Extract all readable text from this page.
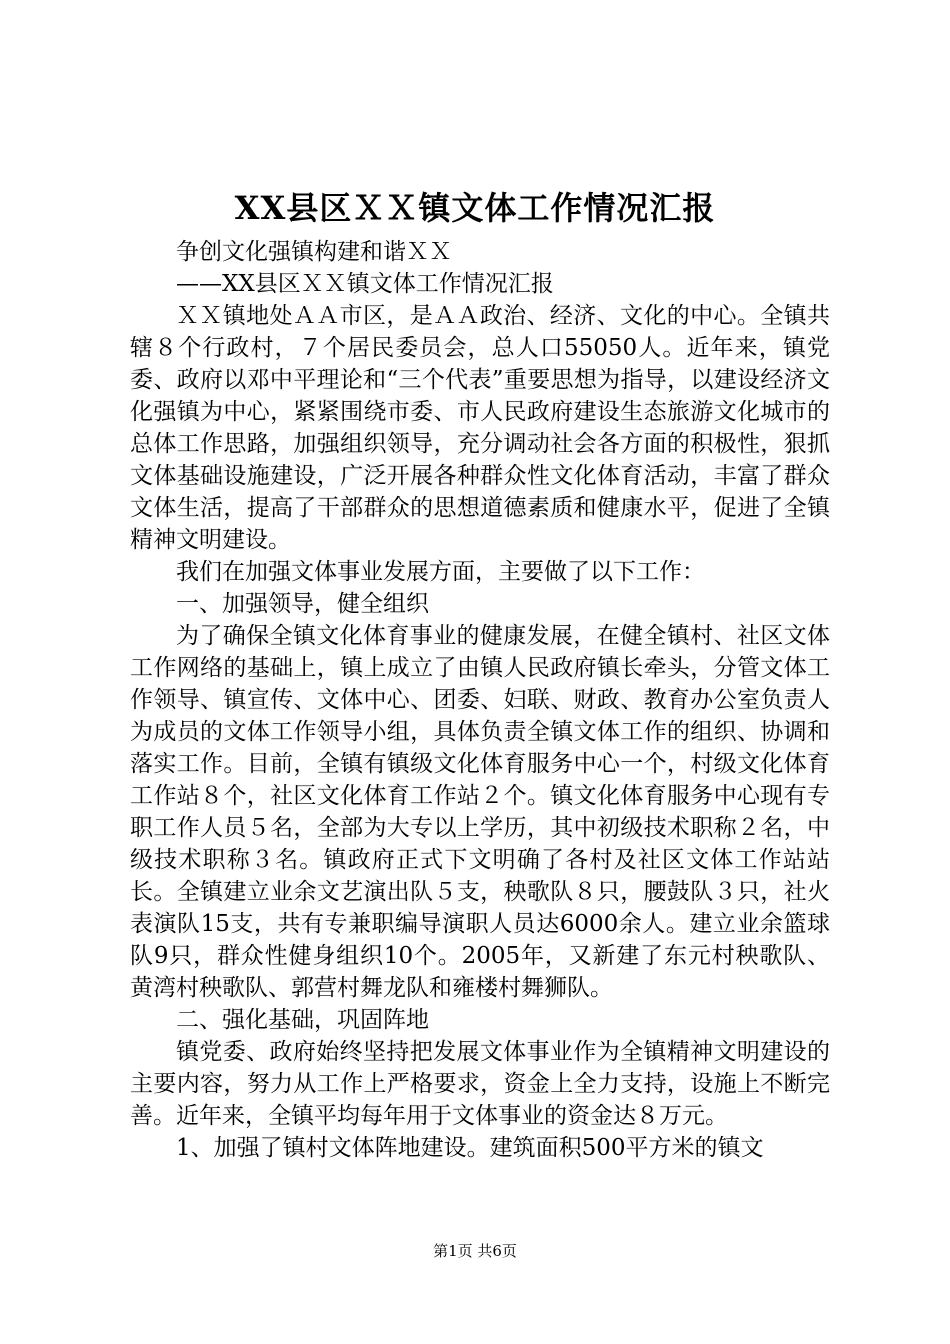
XX县区ＸＸ镇文体工作情况汇报

争创文化强镇构建和谐ＸＸ

——XX县区ＸＸ镇文体工作情况汇报

ＸＸ镇地处ＡＡ市区，是ＡＡ政治、经济、文化的中心。全镇共辖８个行政村，７个居民委员会，总人口55050人。近年来，镇党委、政府以邓中平理论和“三个代表”重要思想为指导，以建设经济文化强镇为中心，紧紧围绕市委、市人民政府建设生态旅游文化城市的总体工作思路，加强组织领导，充分调动社会各方面的积极性，狠抓文体基础设施建设，广泛开展各种群众性文化体育活动，丰富了群众文体生活，提高了干部群众的思想道德素质和健康水平，促进了全镇精神文明建设。

我们在加强文体事业发展方面，主要做了以下工作：

一、加强领导，健全组织

为了确保全镇文化体育事业的健康发展，在健全镇村、社区文体工作网络的基础上，镇上成立了由镇人民政府镇长牵头，分管文体工作领导、镇宣传、文体中心、团委、妇联、财政、教育办公室负责人为成员的文体工作领导小组，具体负责全镇文体工作的组织、协调和落实工作。目前，全镇有镇级文化体育服务中心一个，村级文化体育工作站８个，社区文化体育工作站２个。镇文化体育服务中心现有专职工作人员５名，全部为大专以上学历，其中初级技术职称２名，中级技术职称３名。镇政府正式下文明确了各村及社区文体工作站站长。全镇建立业余文艺演出队５支，秧歌队８只，腰鼓队３只，社火表演队15支，共有专兼职编导演职人员达6000余人。建立业余篮球队9只，群众性健身组织10个。2005年，又新建了东元村秧歌队、黄湾村秧歌队、郭营村舞龙队和雍楼村舞狮队。

二、强化基础，巩固阵地

镇党委、政府始终坚持把发展文体事业作为全镇精神文明建设的主要内容，努力从工作上严格要求，资金上全力支持，设施上不断完善。近年来，全镇平均每年用于文体事业的资金达８万元。

1、加强了镇村文体阵地建设。建筑面积500平方米的镇文

第1页 共6页
